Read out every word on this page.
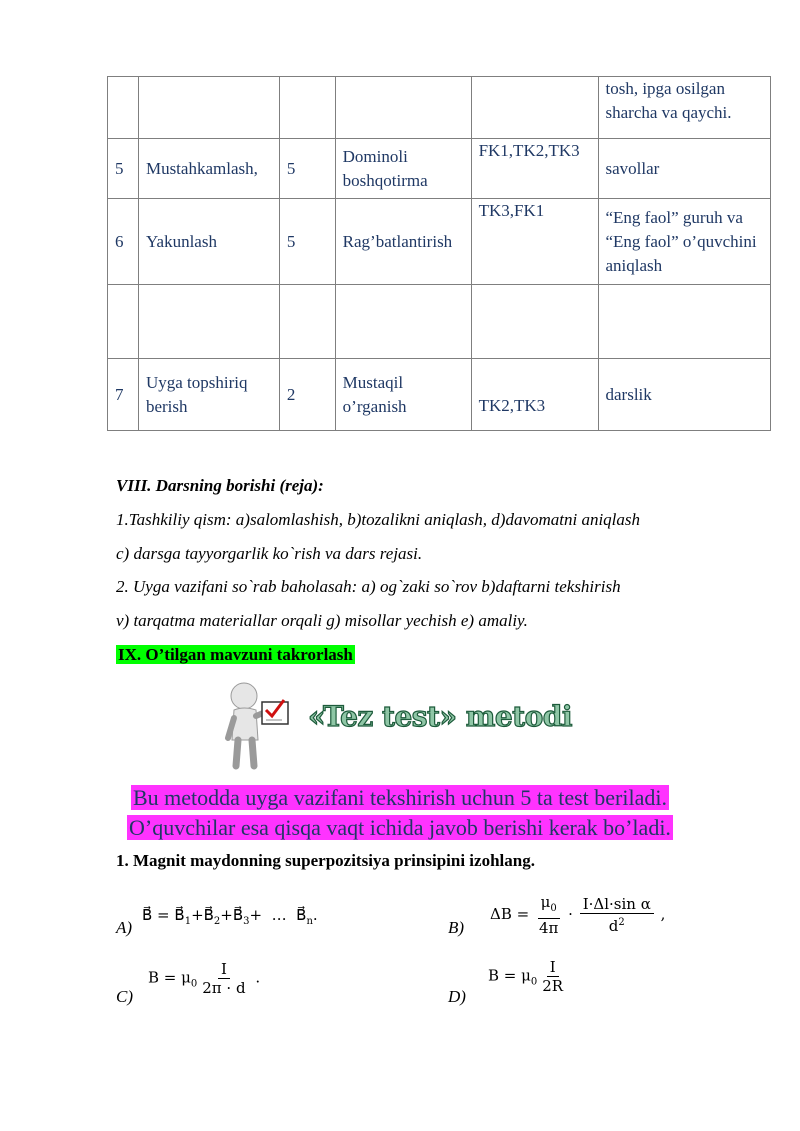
					tosh, ipga osilgan sharcha va qaychi.
5	Mustahkamlash,	5	Dominoli boshqotirma	FK1,TK2,TK3	savollar
6	Yakunlash	5	Rag’batlantirish	TK3,FK1	“Eng faol” guruh va “Eng faol” o’quvchini aniqlash

7	Uyga topshiriq berish	2	Mustaqil o’rganish	TK2,TK3	darslik
VIII. Darsning borishi (reja):
1.Tashkiliy qism: a)salomlashish, b)tozalikni aniqlash, d)davomatni aniqlash
c) darsga tayyorgarlik ko`rish va dars rejasi.
2. Uyga vazifani so`rab baholasah: a) og`zaki so`rov b)daftarni tekshirish
v) tarqatma materiallar orqali g) misollar yechish e) amaliy.
IX. O’tilgan mavzuni takrorlash
«Tez test» metodi
Bu metodda uyga vazifani tekshirish uchun 5 ta test beriladi.
O’quvchilar esa qisqa vaqt ichida javob berishi kerak bo’ladi.
1. Magnit maydonning superpozitsiya prinsipini izohlang.
A)
B⃗ = $B⃗_1+B⃗_2+B⃗_3+$  …  $B⃗_n$.
B)
$\Delta B = \frac{\mu_0}{4\pi} \cdot \frac{\text{I·Δl·sin α}}{d^2}$ ,
C)
$B = \mu_0 \frac{I}{2\pi \cdot d}$ .
D)
$B = \mu_0 \frac{I}{2R}$
